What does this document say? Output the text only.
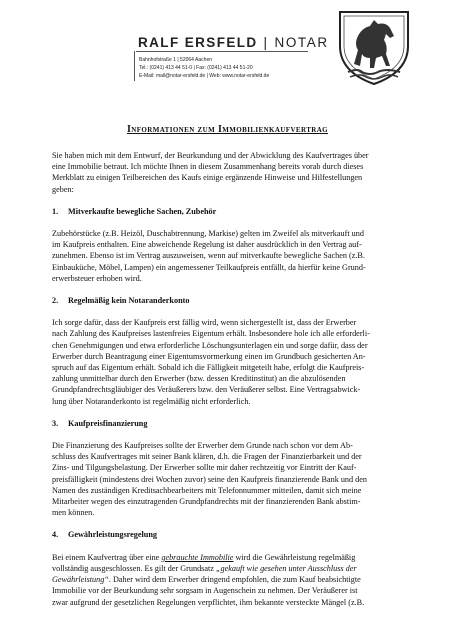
RALF ERSFELD | NOTAR
Bahnhofstraße 1 | 52064 Aachen
Tel.: (0241) 413 44 51-0 | Fax: (0241) 413 44 51-20
E-Mail: mail@notar-ersfeld.de | Web: www.notar-ersfeld.de
Informationen zum Immobilienkaufvertrag
Sie haben mich mit dem Entwurf, der Beurkundung und der Abwicklung des Kaufvertrages über
eine Immobilie betraut. Ich möchte Ihnen in diesem Zusammenhang bereits vorab durch dieses
Merkblatt zu einigen Teilbereichen des Kaufs einige ergänzende Hinweise und Hilfestellungen
geben:
1. Mitverkaufte bewegliche Sachen, Zubehör
Zubehörstücke (z.B. Heizöl, Duschabtrennung, Markise) gelten im Zweifel als mitverkauft und
im Kaufpreis enthalten. Eine abweichende Regelung ist daher ausdrücklich in den Vertrag auf-
zunehmen. Ebenso ist im Vertrag auszuweisen, wenn auf mitverkaufte bewegliche Sachen (z.B.
Einbauküche, Möbel, Lampen) ein angemessener Teilkaufpreis entfällt, da hierfür keine Grund-
erwerbsteuer erhoben wird.
2. Regelmäßig kein Notaranderkonto
Ich sorge dafür, dass der Kaufpreis erst fällig wird, wenn sichergestellt ist, dass der Erwerber
nach Zahlung des Kaufpreises lastenfreies Eigentum erhält. Insbesondere hole ich alle erforderli-
chen Genehmigungen und etwa erforderliche Löschungsunterlagen ein und sorge dafür, dass der
Erwerber durch Beantragung einer Eigentumsvormerkung einen im Grundbuch gesicherten An-
spruch auf das Eigentum erhält. Sobald ich die Fälligkeit mitgeteilt habe, erfolgt die Kaufpreis-
zahlung unmittelbar durch den Erwerber (bzw. dessen Kreditinstitut) an die abzulösenden
Grundpfandrechtsgläubiger des Veräußerers bzw. den Veräußerer selbst. Eine Vertragsabwick-
lung über Notaranderkonto ist regelmäßig nicht erforderlich.
3. Kaufpreisfinanzierung
Die Finanzierung des Kaufpreises sollte der Erwerber dem Grunde nach schon vor dem Ab-
schluss des Kaufvertrages mit seiner Bank klären, d.h. die Fragen der Finanzierbarkeit und der
Zins- und Tilgungsbelastung. Der Erwerber sollte mir daher rechtzeitig vor Eintritt der Kauf-
preisfälligkeit (mindestens drei Wochen zuvor) seine den Kaufpreis finanzierende Bank und den
Namen des zuständigen Kreditsachbearbeiters mit Telefonnummer mitteilen, damit sich meine
Mitarbeiter wegen des einzutragenden Grundpfandrechts mit der finanzierenden Bank abstim-
men können.
4. Gewährleistungsregelung
Bei einem Kaufvertrag über eine gebrauchte Immobilie wird die Gewährleistung regelmäßig
vollständig ausgeschlossen. Es gilt der Grundsatz „gekauft wie gesehen unter Ausschluss der
Gewährleistung“. Daher wird dem Erwerber dringend empfohlen, die zum Kauf beabsichtigte
Immobilie vor der Beurkundung sehr sorgsam in Augenschein zu nehmen. Der Veräußerer ist
zwar aufgrund der gesetzlichen Regelungen verpflichtet, ihm bekannte versteckte Mängel (z.B.
